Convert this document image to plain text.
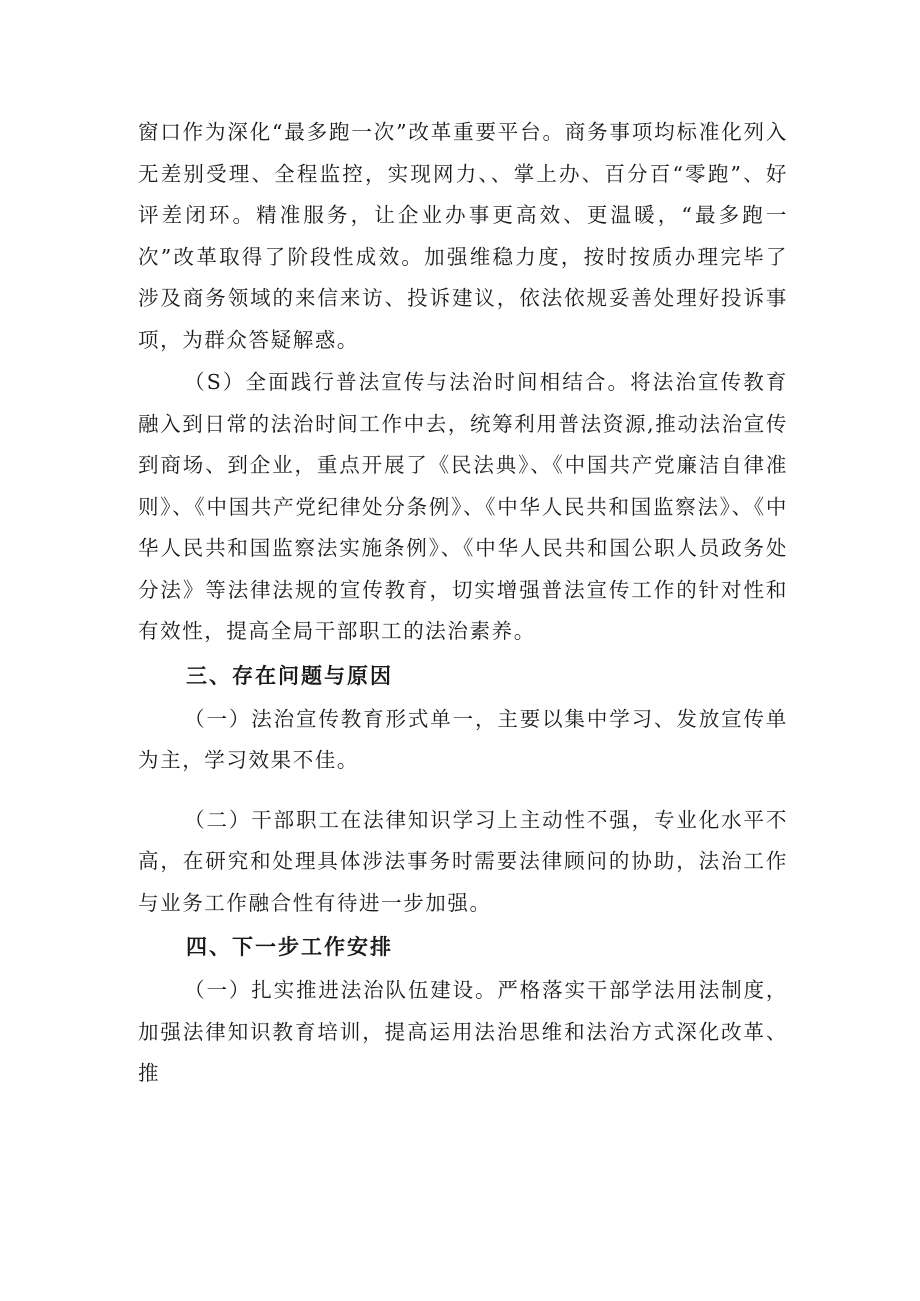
窗口作为深化“最多跑一次”改革重要平台。商务事项均标准化列入无差别受理、全程监控，实现网力、、掌上办、百分百“零跑”、好评差闭环。精准服务，让企业办事更高效、更温暖，“最多跑一次”改革取得了阶段性成效。加强维稳力度，按时按质办理完毕了涉及商务领域的来信来访、投诉建议，依法依规妥善处理好投诉事项，为群众答疑解惑。

（S）全面践行普法宣传与法治时间相结合。将法治宣传教育融入到日常的法治时间工作中去，统筹利用普法资源,推动法治宣传到商场、到企业，重点开展了《民法典》、《中国共产党廉洁自律准则》、《中国共产党纪律处分条例》、《中华人民共和国监察法》、《中华人民共和国监察法实施条例》、《中华人民共和国公职人员政务处分法》等法律法规的宣传教育，切实增强普法宣传工作的针对性和有效性，提高全局干部职工的法治素养。

三、存在问题与原因

（一）法治宣传教育形式单一，主要以集中学习、发放宣传单为主，学习效果不佳。

（二）干部职工在法律知识学习上主动性不强，专业化水平不高，在研究和处理具体涉法事务时需要法律顾问的协助，法治工作与业务工作融合性有待进一步加强。

四、下一步工作安排

（一）扎实推进法治队伍建设。严格落实干部学法用法制度，加强法律知识教育培训，提高运用法治思维和法治方式深化改革、推
